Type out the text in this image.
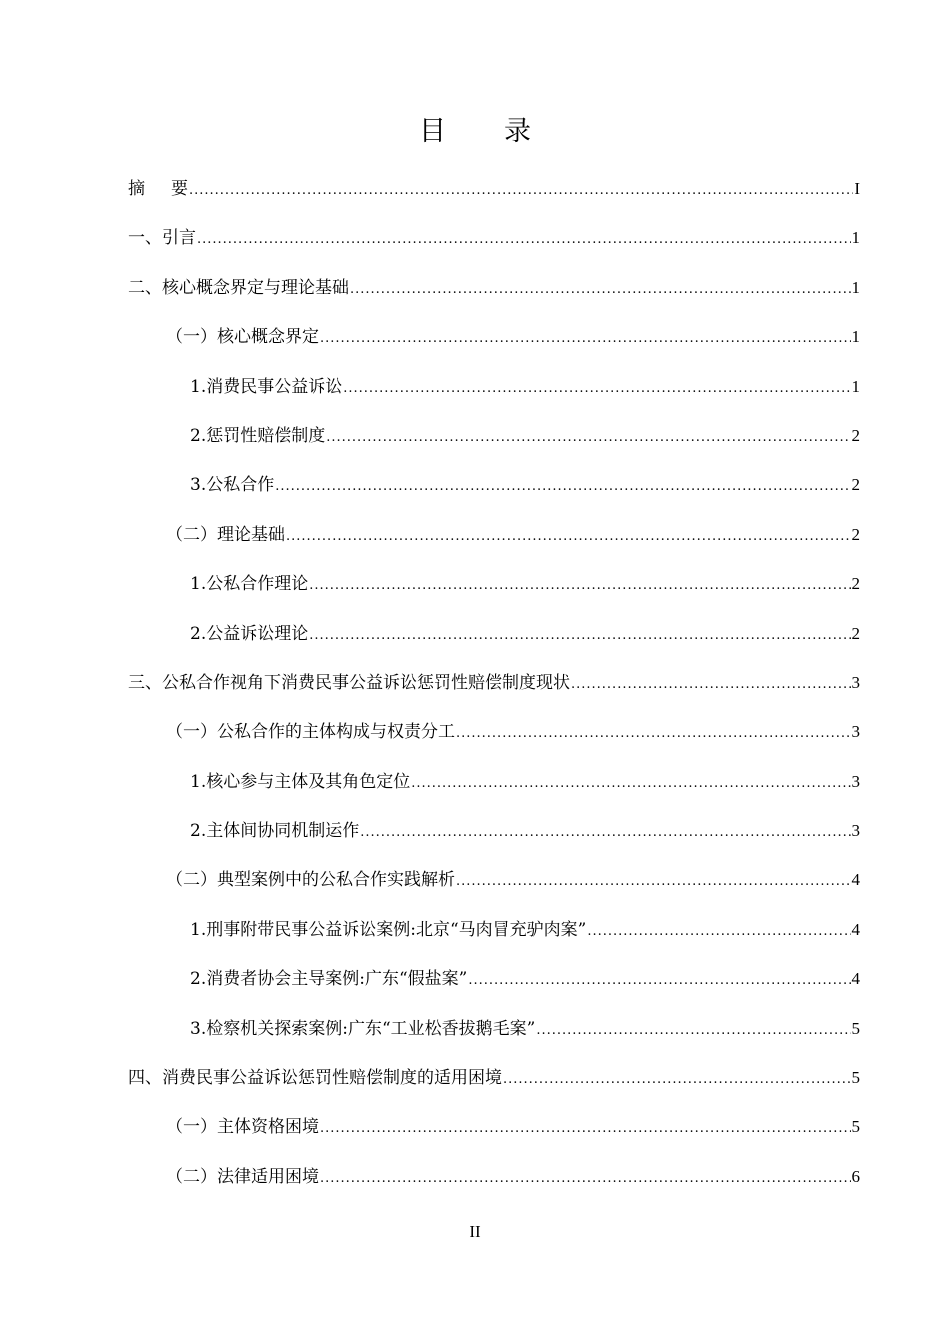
目 录
摘 要 .....	I
一、引言 .....	1
二、核心概念界定与理论基础 .....	1
（一）核心概念界定 .....	1
1.消费民事公益诉讼 .....	1
2.惩罚性赔偿制度 .....	2
3.公私合作 .....	2
（二）理论基础 .....	2
1.公私合作理论 .....	2
2.公益诉讼理论 .....	2
三、公私合作视角下消费民事公益诉讼惩罚性赔偿制度现状 .....	3
（一）公私合作的主体构成与权责分工 .....	3
1.核心参与主体及其角色定位 .....	3
2.主体间协同机制运作 .....	3
（二）典型案例中的公私合作实践解析 .....	4
1.刑事附带民事公益诉讼案例:北京“马肉冒充驴肉案” .....	4
2.消费者协会主导案例:广东“假盐案” .....	4
3.检察机关探索案例:广东“工业松香拔鹅毛案” .....	5
四、消费民事公益诉讼惩罚性赔偿制度的适用困境 .....	5
（一）主体资格困境 .....	5
（二）法律适用困境 .....	6
II
